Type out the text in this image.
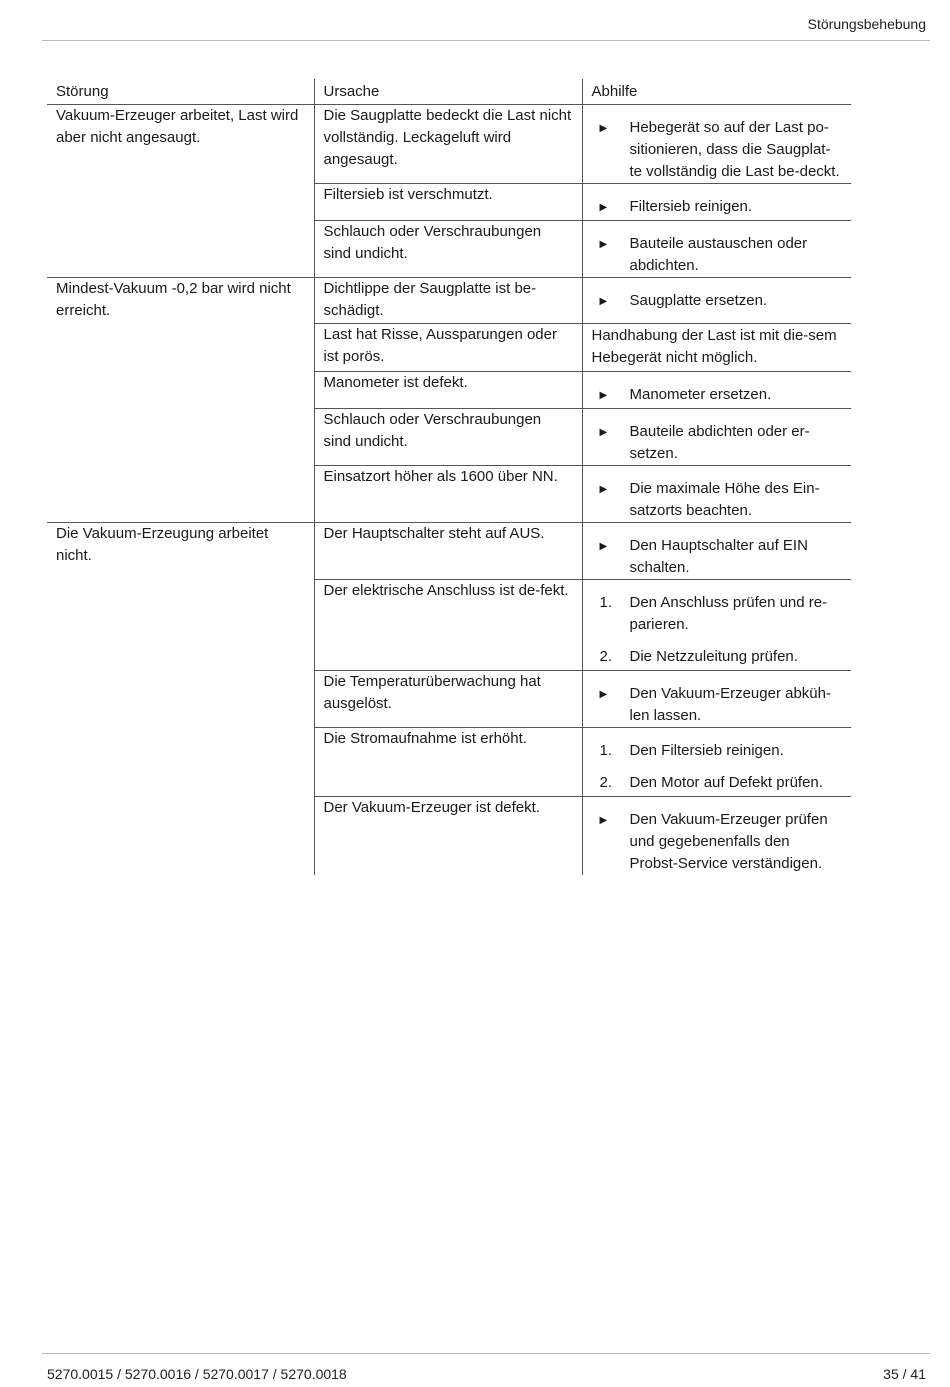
Störungsbehebung
Störung	Ursache	Abhilfe
Vakuum-Erzeuger arbeitet, Last wird aber nicht angesaugt.	Die Saugplatte bedeckt die Last nicht vollständig. Leckageluft wird angesaugt.	▶ Hebegerät so auf der Last po-sitionieren, dass die Saugplat-te vollständig die Last be-deckt.

	Filtersieb ist verschmutzt.	▶ Filtersieb reinigen.

	Schlauch oder Verschraubungen sind undicht.	▶ Bauteile austauschen oder abdichten.

Mindest-Vakuum -0,2 bar wird nicht erreicht.	Dichtlippe der Saugplatte ist be-schädigt.	▶ Saugplatte ersetzen.

	Last hat Risse, Aussparungen oder ist porös.	Handhabung der Last ist mit die-sem Hebegerät nicht möglich.

	Manometer ist defekt.	▶ Manometer ersetzen.

	Schlauch oder Verschraubungen sind undicht.	▶ Bauteile abdichten oder er-setzen.

	Einsatzort höher als 1600 über NN.	▶ Die maximale Höhe des Ein-satzorts beachten.

Die Vakuum-Erzeugung arbeitet nicht.	Der Hauptschalter steht auf AUS.	▶ Den Hauptschalter auf EIN schalten.

	Der elektrische Anschluss ist de-fekt.	1. Den Anschluss prüfen und re-parieren.
2. Die Netzzuleitung prüfen.

	Die Temperaturüberwachung hat ausgelöst.	▶ Den Vakuum-Erzeuger abküh-len lassen.

	Die Stromaufnahme ist erhöht.	1. Den Filtersieb reinigen.
2. Den Motor auf Defekt prüfen.

	Der Vakuum-Erzeuger ist defekt.	▶ Den Vakuum-Erzeuger prüfen und gegebenenfalls den Probst-Service verständigen.
5270.0015 / 5270.0016 / 5270.0017 / 5270.0018	35 / 41
